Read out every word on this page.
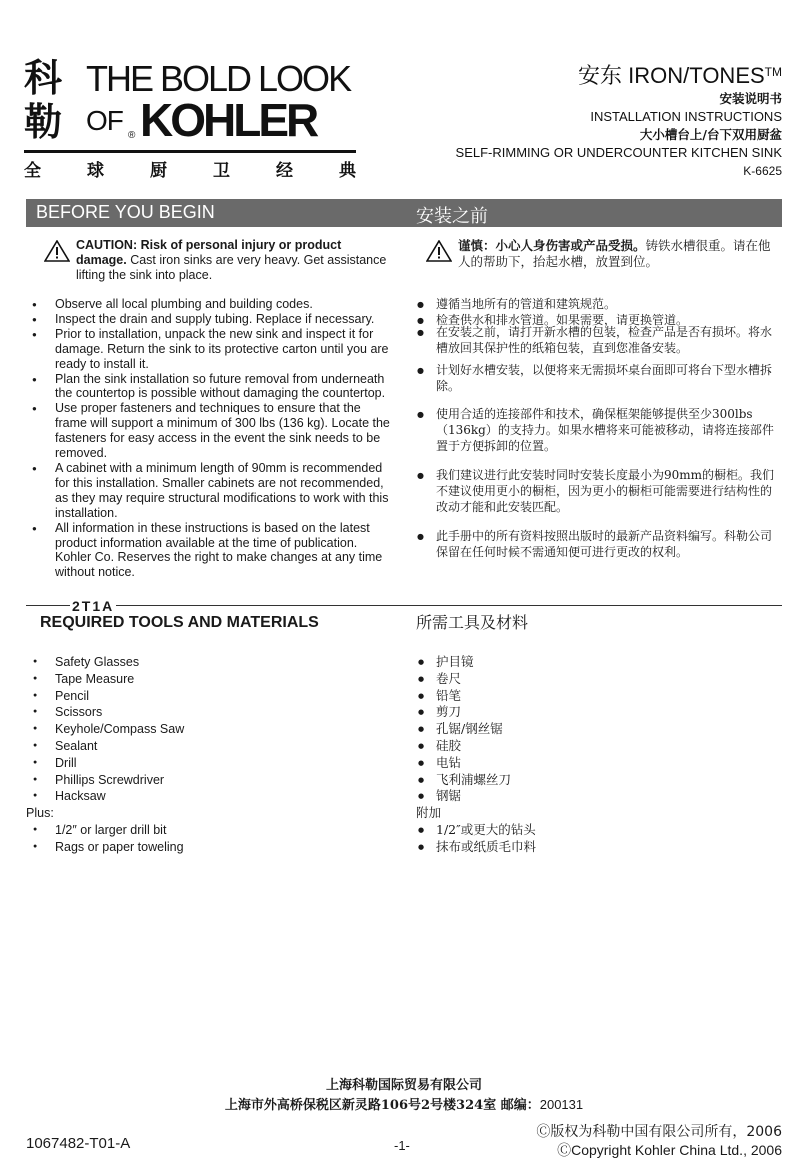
科
勒
THE BOLD LOOK
OF ® KOHLER
全	球	厨	卫	经	典
安东 IRON/TONES™
安装说明书
INSTALLATION INSTRUCTIONS
大小槽台上/台下双用厨盆
SELF-RIMMING OR UNDERCOUNTER KITCHEN SINK
K-6625
BEFORE YOU BEGIN	安装之前
CAUTION: Risk of personal injury or product damage. Cast iron sinks are very heavy. Get assistance lifting the sink into place.
谨慎：小心人身伤害或产品受损。铸铁水槽很重。请在他人的帮助下，抬起水槽，放置到位。
● Observe all local plumbing and building codes.
● Inspect the drain and supply tubing. Replace if necessary.
● Prior to installation, unpack the new sink and inspect it for damage. Return the sink to its protective carton until you are ready to install it.
● Plan the sink installation so future removal from underneath the countertop is possible without damaging the countertop.
● Use proper fasteners and techniques to ensure that the frame will support a minimum of 300 lbs (136 kg). Locate the fasteners for easy access in the event the sink needs to be removed.
● A cabinet with a minimum length of 90mm is recommended for this installation. Smaller cabinets are not recommended, as they may require structural modifications to work with this installation.
● All information in these instructions is based on the latest product information available at the time of publication. Kohler Co. Reserves the right to make changes at any time without notice.
● 遵循当地所有的管道和建筑规范。
● 检查供水和排水管道。如果需要，请更换管道。
● 在安装之前，请打开新水槽的包装，检查产品是否有损坏。将水槽放回其保护性的纸箱包装，直到您准备安装。
● 计划好水槽安装，以便将来无需损坏桌台面即可将台下型水槽拆除。
● 使用合适的连接部件和技术，确保框架能够提供至少300lbs（136kg）的支持力。如果水槽将来可能被移动，请将连接部件置于方便拆卸的位置。
● 我们建议进行此安装时同时安装长度最小为90mm的橱柜。我们不建议使用更小的橱柜，因为更小的橱柜可能需要进行结构性的改动才能和此安装匹配。
● 此手册中的所有资料按照出版时的最新产品资料编写。科勒公司保留在任何时候不需通知便可进行更改的权利。
2T1A
REQUIRED TOOLS AND MATERIALS	所需工具及材料
● Safety Glasses
● Tape Measure
● Pencil
● Scissors
● Keyhole/Compass Saw
● Sealant
● Drill
● Phillips Screwdriver
● Hacksaw
Plus:
● 1/2″ or larger drill bit
● Rags or paper toweling
● 护目镜
● 卷尺
● 铅笔
● 剪刀
● 孔锯/钢丝锯
● 硅胶
● 电钻
● 飞利浦螺丝刀
● 钢锯
附加
● 1/2″或更大的钻头
● 抹布或纸质毛巾料
上海科勒国际贸易有限公司
上海市外高桥保税区新灵路106号2号楼324室 邮编：200131
1067482-T01-A	-1-
Ⓒ版权为科勒中国有限公司所有，2006
ⒸCopyright Kohler China Ltd., 2006
